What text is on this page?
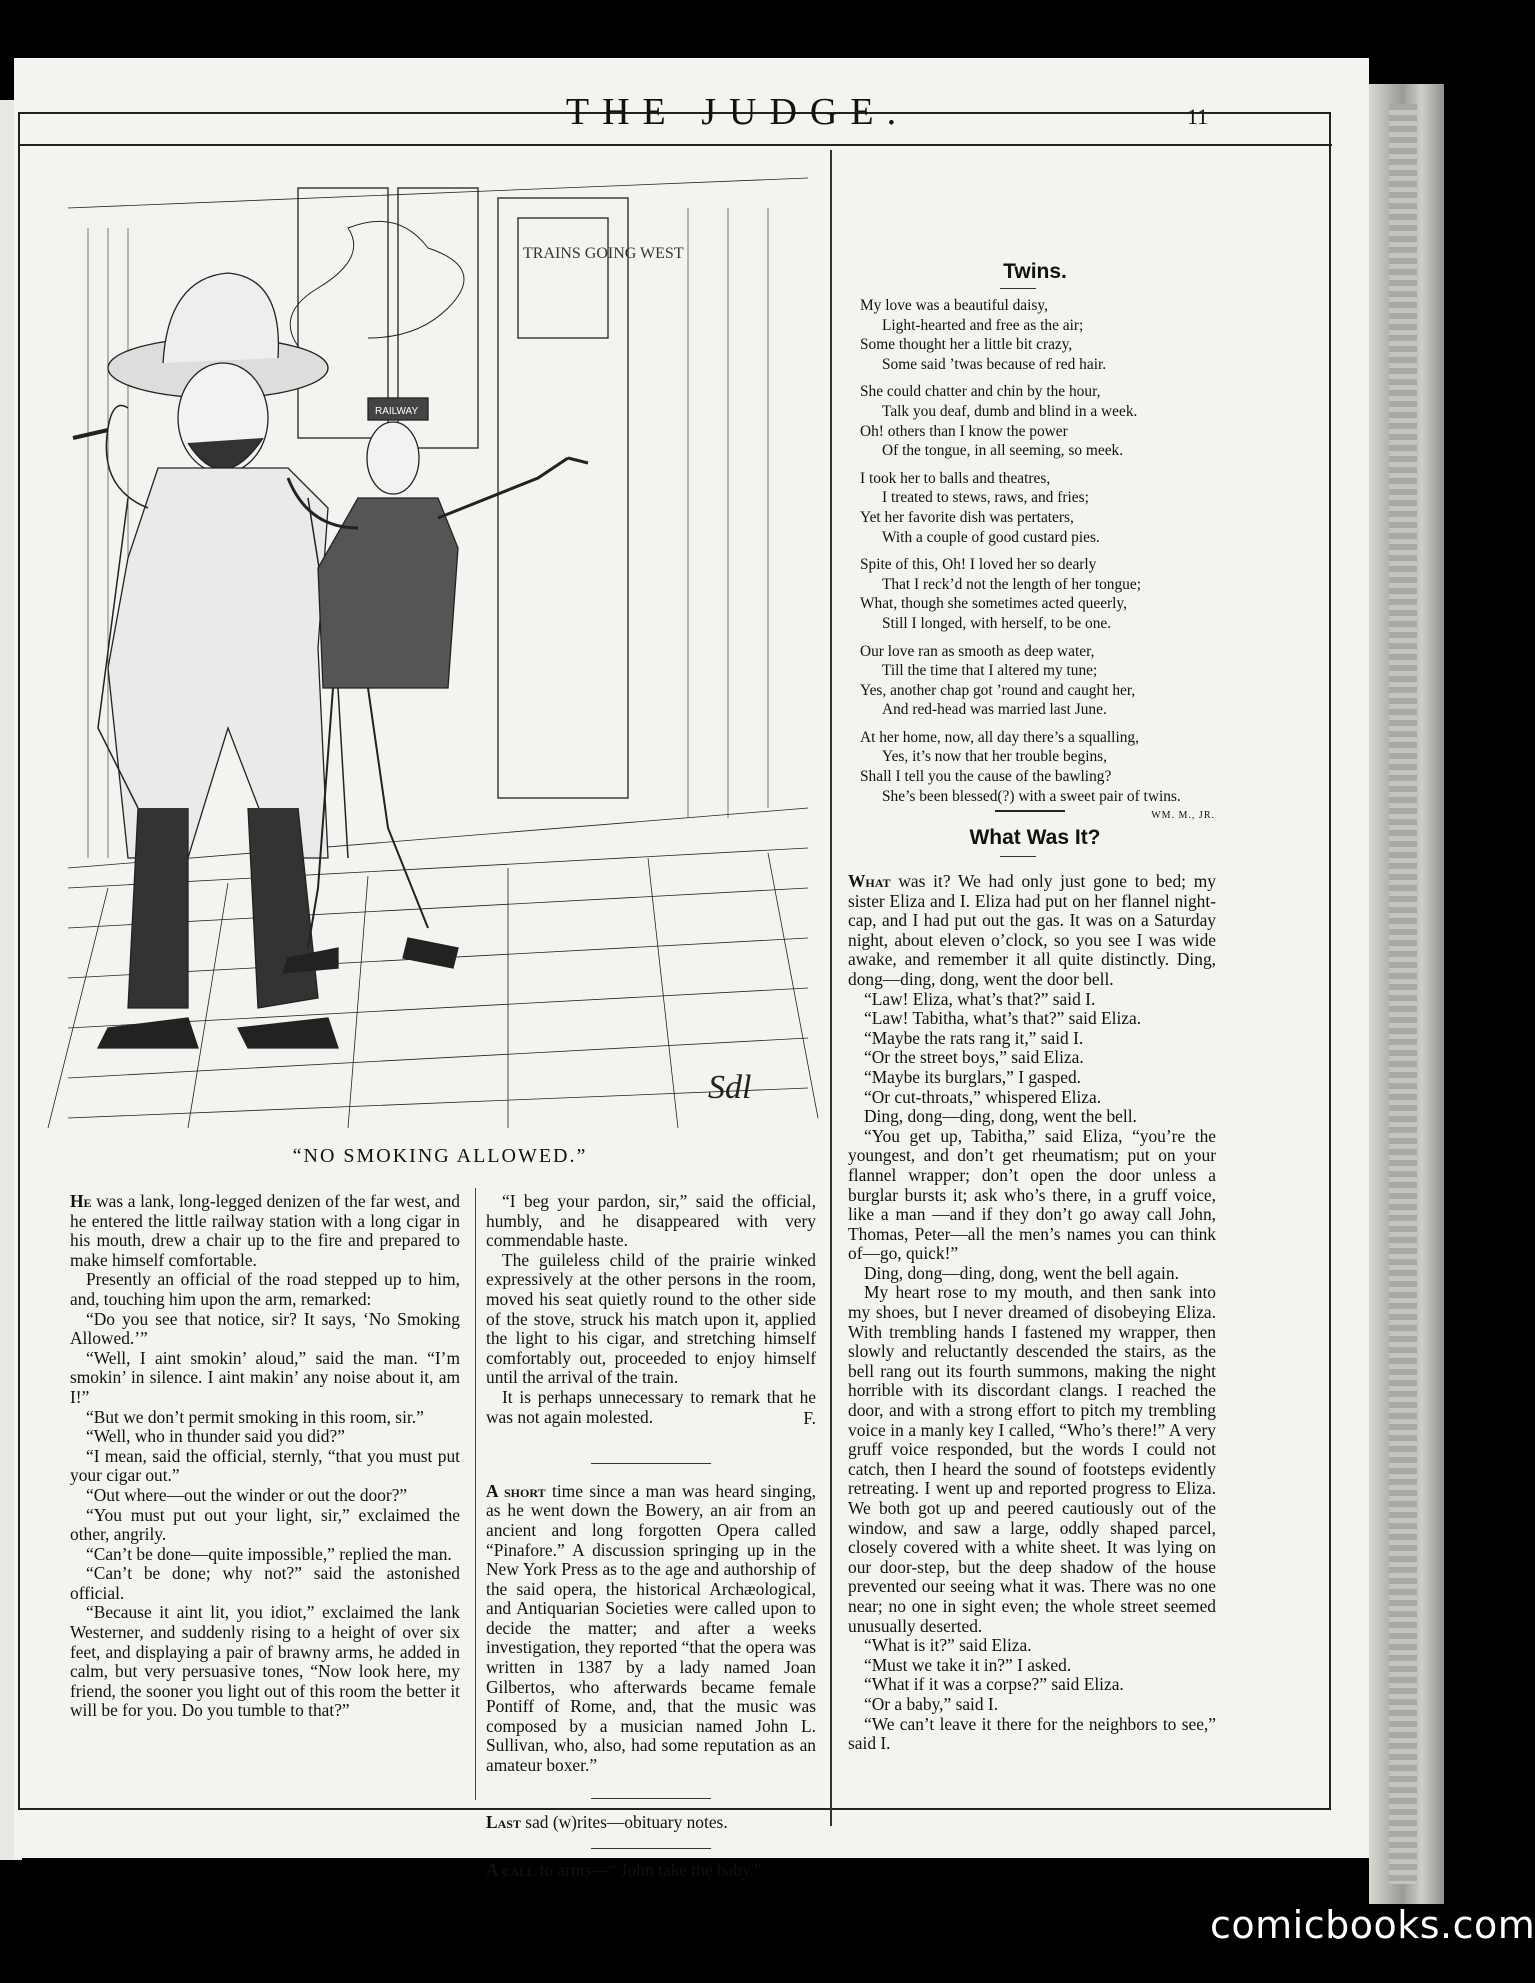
THE JUDGE.	11
TRAINS GOING WEST
RAILWAY
Sdl
“NO SMOKING ALLOWED.”

He was a lank, long-legged denizen of the far west, and he entered the little railway station with a long cigar in his mouth, drew a chair up to the fire and prepared to make himself comfortable.

Presently an official of the road stepped up to him, and, touching him upon the arm, remarked:

“Do you see that notice, sir? It says, ‘No Smoking Allowed.’”

“Well, I aint smokin’ aloud,” said the man. “I’m smokin’ in silence. I aint makin’ any noise about it, am I!”

“But we don’t permit smoking in this room, sir.”

“Well, who in thunder said you did?”

“I mean, said the official, sternly, “that you must put your cigar out.”

“Out where—out the winder or out the door?”

“You must put out your light, sir,” exclaimed the other, angrily.

“Can’t be done—quite impossible,” replied the man.

“Can’t be done; why not?” said the astonished official.

“Because it aint lit, you idiot,” exclaimed the lank Westerner, and suddenly rising to a height of over six feet, and displaying a pair of brawny arms, he added in calm, but very persuasive tones, “Now look here, my friend, the sooner you light out of this room the better it will be for you. Do you tumble to that?”

“I beg your pardon, sir,” said the official, humbly, and he disappeared with very commendable haste.

The guileless child of the prairie winked expressively at the other persons in the room, moved his seat quietly round to the other side of the stove, struck his match upon it, applied the light to his cigar, and stretching himself comfortably out, proceeded to enjoy himself until the arrival of the train.

It is perhaps unnecessary to remark that he was not again molested.	F.

A short time since a man was heard singing, as he went down the Bowery, an air from an ancient and long forgotten Opera called “Pinafore.” A discussion springing up in the New York Press as to the age and authorship of the said opera, the historical Archæological, and Antiquarian Societies were called upon to decide the matter; and after a weeks investigation, they reported “that the opera was written in 1387 by a lady named Joan Gilbertos, who afterwards became female Pontiff of Rome, and, that the music was composed by a musician named John L. Sullivan, who, also, had some reputation as an amateur boxer.”

Last sad (w)rites—obituary notes.

A call to arms—“ John take the baby.”

Twins.
My love was a beautiful daisy,
Light-hearted and free as the air;
Some thought her a little bit crazy,
Some said ’twas because of red hair.
She could chatter and chin by the hour,
Talk you deaf, dumb and blind in a week.
Oh! others than I know the power
Of the tongue, in all seeming, so meek.
I took her to balls and theatres,
I treated to stews, raws, and fries;
Yet her favorite dish was pertaters,
With a couple of good custard pies.
Spite of this, Oh! I loved her so dearly
That I reck’d not the length of her tongue;
What, though she sometimes acted queerly,
Still I longed, with herself, to be one.
Our love ran as smooth as deep water,
Till the time that I altered my tune;
Yes, another chap got ’round and caught her,
And red-head was married last June.
At her home, now, all day there’s a squalling,
Yes, it’s now that her trouble begins,
Shall I tell you the cause of the bawling?
She’s been blessed(?) with a sweet pair of twins.
WM. M., JR.
What Was It?

What was it? We had only just gone to bed; my sister Eliza and I. Eliza had put on her flannel night-cap, and I had put out the gas. It was on a Saturday night, about eleven o’clock, so you see I was wide awake, and remember it all quite distinctly. Ding, dong—ding, dong, went the door bell.

“Law! Eliza, what’s that?” said I.

“Law! Tabitha, what’s that?” said Eliza.

“Maybe the rats rang it,” said I.

“Or the street boys,” said Eliza.

“Maybe its burglars,” I gasped.

“Or cut-throats,” whispered Eliza.

Ding, dong—ding, dong, went the bell.

“You get up, Tabitha,” said Eliza, “you’re the youngest, and don’t get rheumatism; put on your flannel wrapper; don’t open the door unless a burglar bursts it; ask who’s there, in a gruff voice, like a man —and if they don’t go away call John, Thomas, Peter—all the men’s names you can think of—go, quick!”

Ding, dong—ding, dong, went the bell again.

My heart rose to my mouth, and then sank into my shoes, but I never dreamed of disobeying Eliza. With trembling hands I fastened my wrapper, then slowly and reluctantly descended the stairs, as the bell rang out its fourth summons, making the night horrible with its discordant clangs. I reached the door, and with a strong effort to pitch my trembling voice in a manly key I called, “Who’s there!” A very gruff voice responded, but the words I could not catch, then I heard the sound of footsteps evidently retreating. I went up and reported progress to Eliza. We both got up and peered cautiously out of the window, and saw a large, oddly shaped parcel, closely covered with a white sheet. It was lying on our door-step, but the deep shadow of the house prevented our seeing what it was. There was no one near; no one in sight even; the whole street seemed unusually deserted.

“What is it?” said Eliza.

“Must we take it in?” I asked.

“What if it was a corpse?” said Eliza.

“Or a baby,” said I.

“We can’t leave it there for the neighbors to see,” said I.

comicbooks.com
